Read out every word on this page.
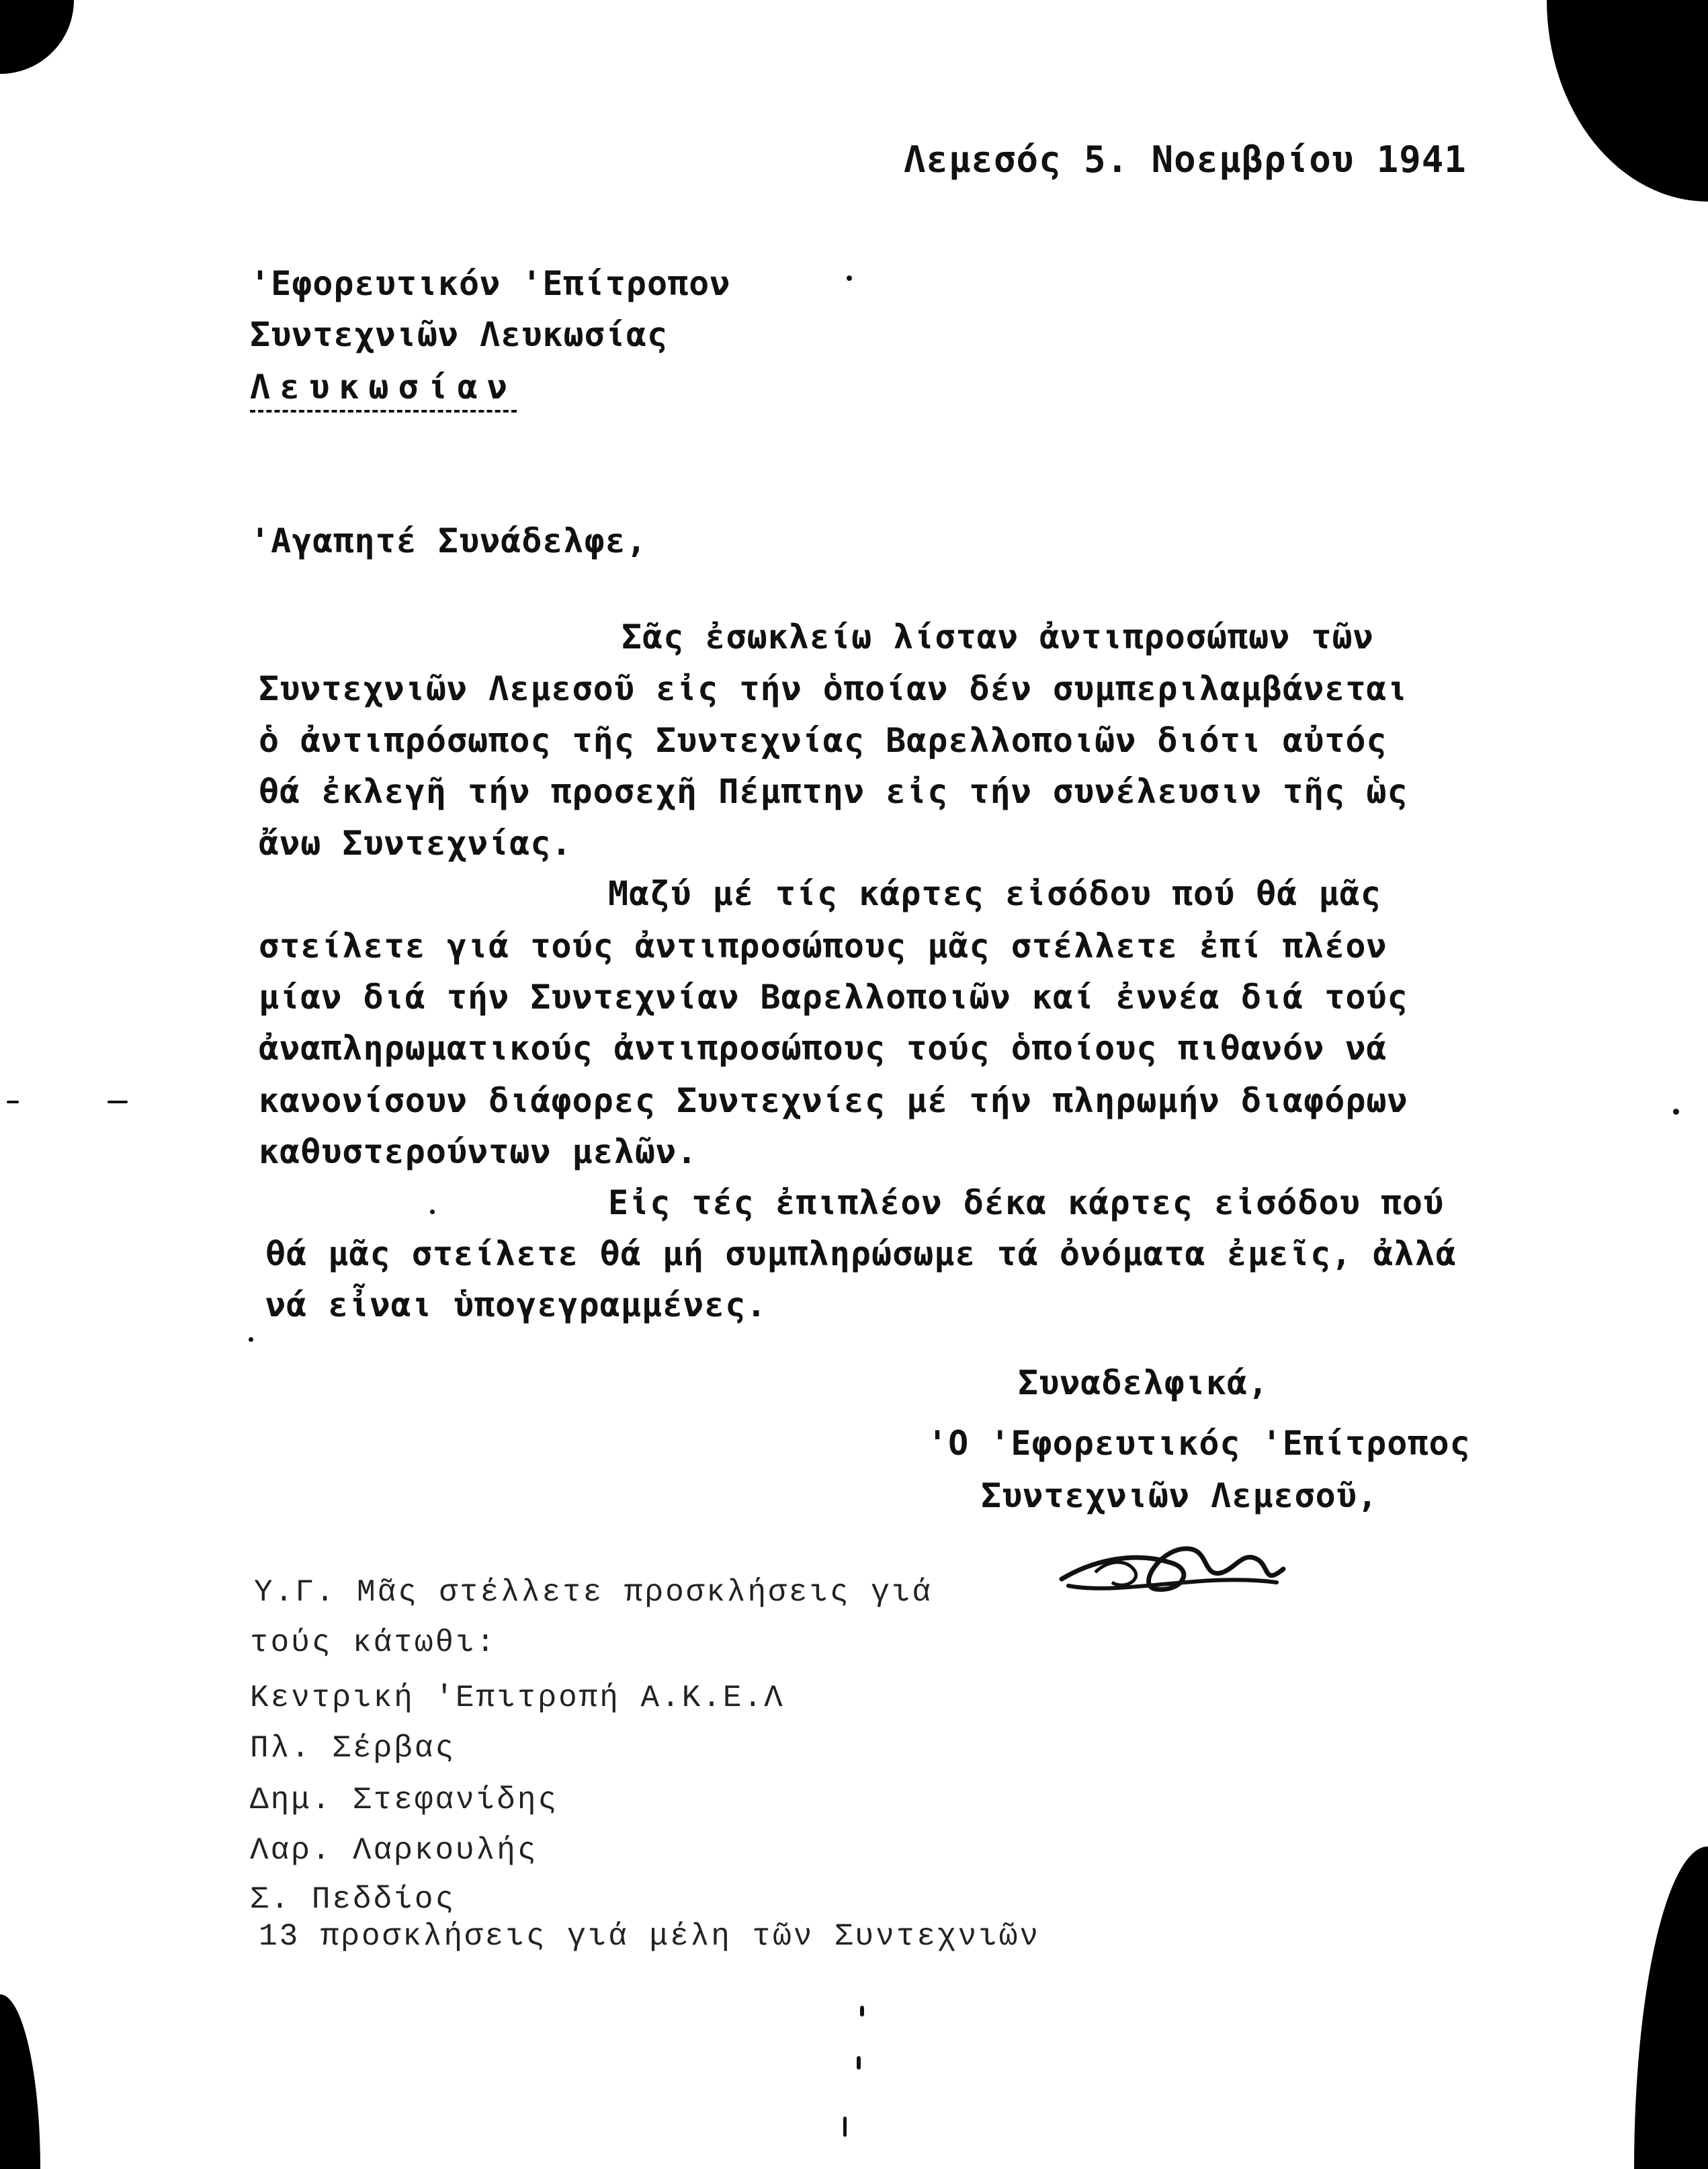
Λεμεσός 5. Νοεμβρίου 1941
'Εφορευτικόν 'Επίτροπον
Συντεχνιῶν Λευκωσίας
Λευκωσίαν
'Αγαπητέ Συνάδελφε,
Σᾶς ἐσωκλείω λίσταν ἀντιπροσώπων τῶν
Συντεχνιῶν Λεμεσοῦ εἰς τήν ὁποίαν δέν συμπεριλαμβάνεται
ὁ ἀντιπρόσωπος τῆς Συντεχνίας Βαρελλοποιῶν διότι αὐτός
θά ἐκλεγῆ τήν προσεχῆ Πέμπτην εἰς τήν συνέλευσιν τῆς ὡς
ἄνω Συντεχνίας.
Μαζύ μέ τίς κάρτες εἰσόδου πού θά μᾶς
στείλετε γιά τούς ἀντιπροσώπους μᾶς στέλλετε ἐπί πλέον
μίαν διά τήν Συντεχνίαν Βαρελλοποιῶν καί ἐννέα διά τούς
ἀναπληρωματικούς ἀντιπροσώπους τούς ὁποίους πιθανόν νά
κανονίσουν διάφορες Συντεχνίες μέ τήν πληρωμήν διαφόρων
καθυστερούντων μελῶν.
Εἰς τές ἐπιπλέον δέκα κάρτες εἰσόδου πού
θά μᾶς στείλετε θά μή συμπληρώσωμε τά ὀνόματα ἐμεῖς, ἀλλά
νά εἶναι ὑπογεγραμμένες.
Συναδελφικά,
'Ο 'Εφορευτικός 'Επίτροπος
Συντεχνιῶν Λεμεσοῦ,
Υ.Γ. Μᾶς στέλλετε προσκλήσεις γιά
τούς κάτωθι:
Κεντρική 'Επιτροπή Α.Κ.Ε.Λ
Πλ. Σέρβας
Δημ. Στεφανίδης
Λαρ. Λαρκουλής
Σ. Πεδδίος
13 προσκλήσεις γιά μέλη τῶν Συντεχνιῶν
